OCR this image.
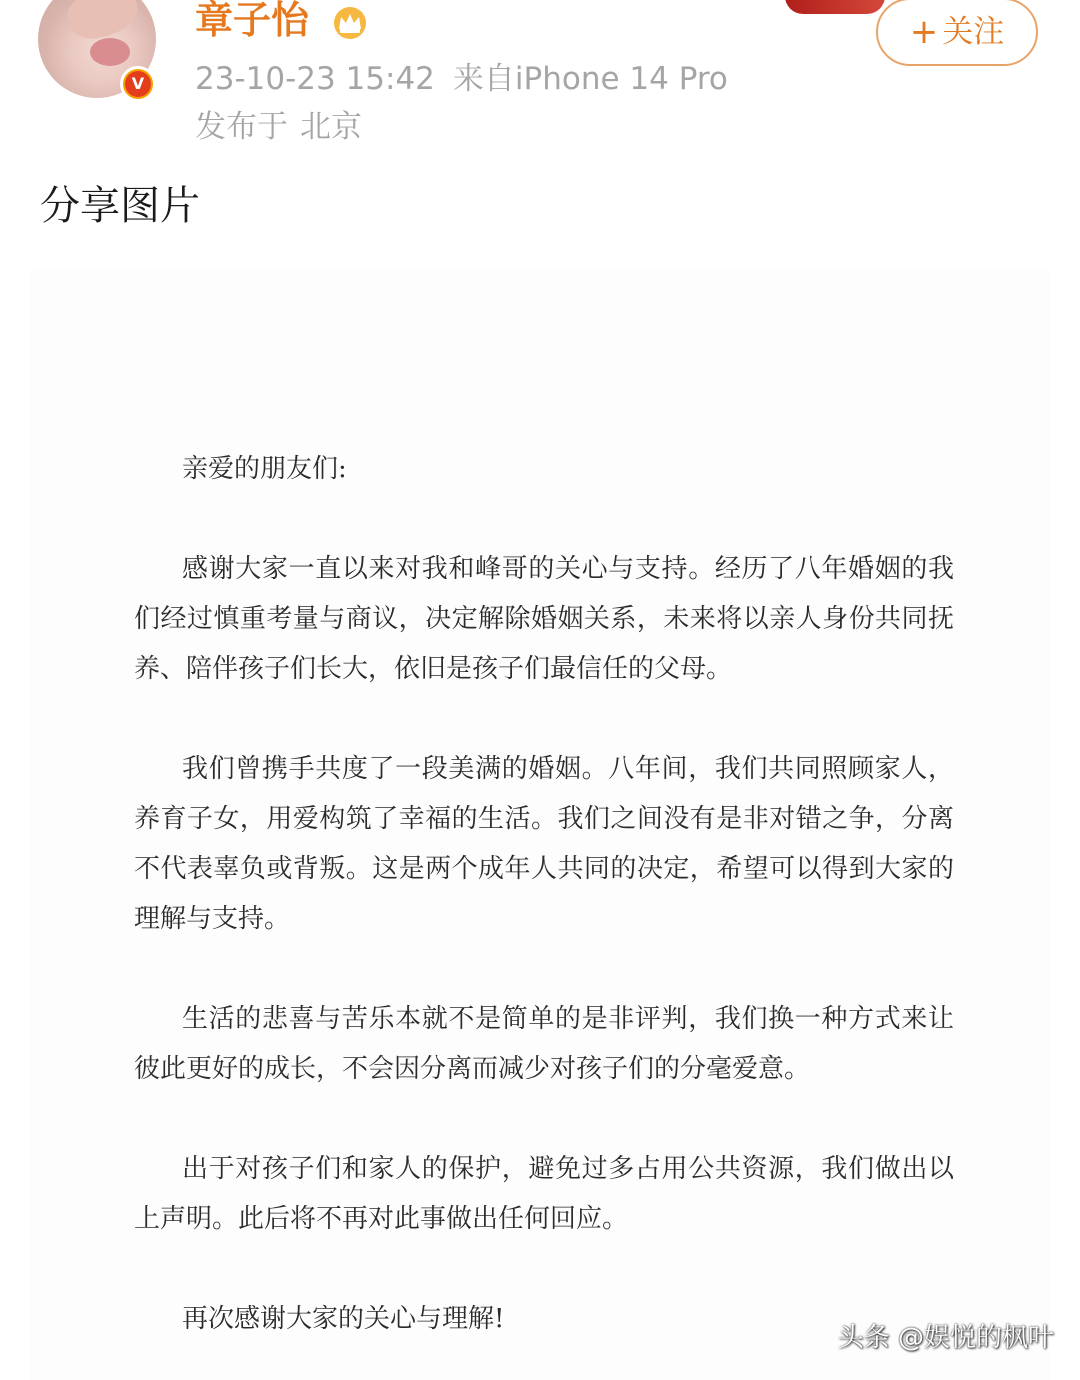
V
章子怡
23-10-23 15:42 来自iPhone 14 Pro
发布于 北京
+ 关注
分享图片

亲爱的朋友们:

感谢大家一直以来对我和峰哥的关心与支持。经历了八年婚姻的我们经过慎重考量与商议，决定解除婚姻关系，未来将以亲人身份共同抚养、陪伴孩子们长大，依旧是孩子们最信任的父母。

我们曾携手共度了一段美满的婚姻。八年间，我们共同照顾家人，养育子女，用爱构筑了幸福的生活。我们之间没有是非对错之争，分离不代表辜负或背叛。这是两个成年人共同的决定，希望可以得到大家的理解与支持。

生活的悲喜与苦乐本就不是简单的是非评判，我们换一种方式来让彼此更好的成长，不会因分离而减少对孩子们的分毫爱意。

出于对孩子们和家人的保护，避免过多占用公共资源，我们做出以上声明。此后将不再对此事做出任何回应。

再次感谢大家的关心与理解!

头条 @娱悦的枫叶
